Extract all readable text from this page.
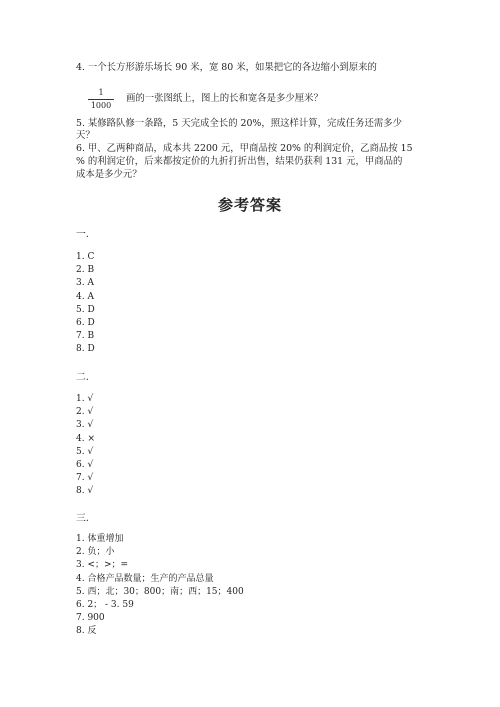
4. 一个长方形游乐场长 90 米，宽 80 米，如果把它的各边缩小到原来的
1
1000
画的一张图纸上，图上的长和宽各是多少厘米？
5. 某修路队修一条路，5 天完成全长的 20%，照这样计算，完成任务还需多少
天？
6. 甲、乙两种商品，成本共 2200 元，甲商品按 20% 的利润定价，乙商品按 15
% 的利润定价，后来都按定价的九折打折出售，结果仍获利 131 元，甲商品的
成本是多少元？
参考答案
一.
1. C
2. B
3. A
4. A
5. D
6. D
7. B
8. D
二.
1. √
2. √
3. √
4. ×
5. √
6. √
7. √
8. √
三.
1. 体重增加
2. 负；小
3. <；>；=
4. 合格产品数量；生产的产品总量
5. 西；北；30；800；南；西；15；400
6. 2； - 3. 59
7. 900
8. 反
